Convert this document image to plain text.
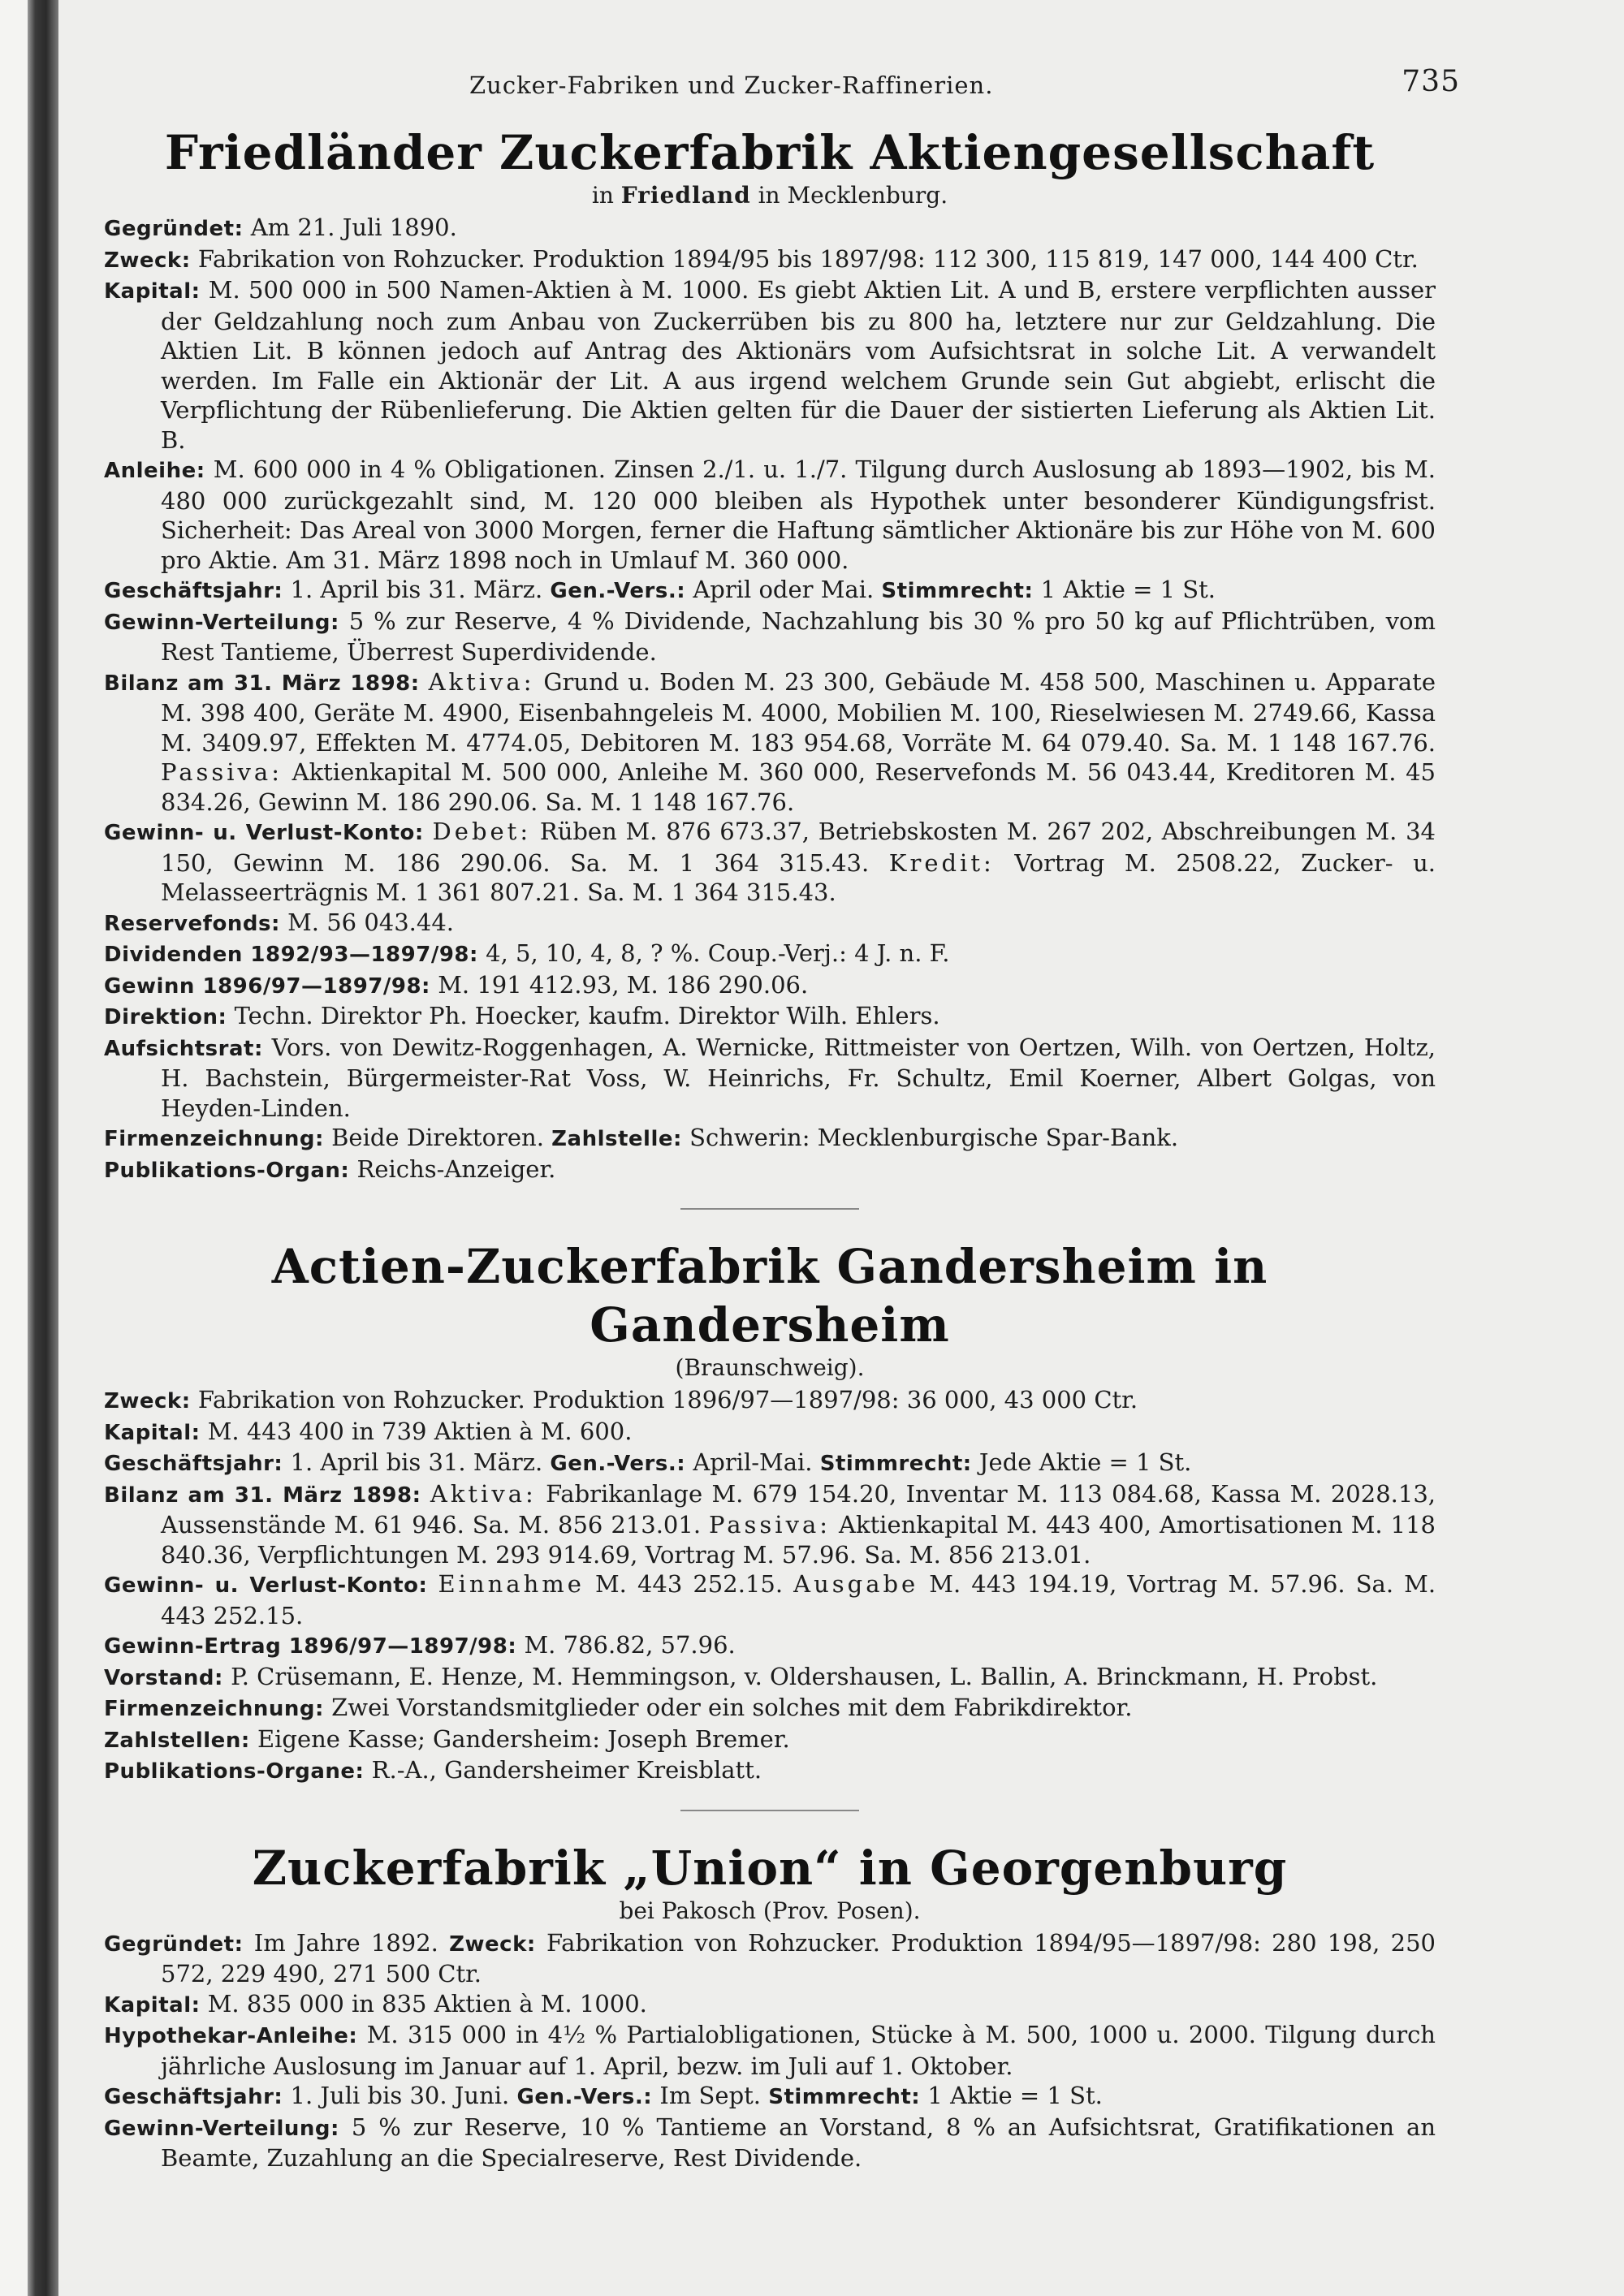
Zucker-Fabriken und Zucker-Raffinerien.	735
Friedländer Zuckerfabrik Aktiengesellschaft
in Friedland in Mecklenburg.

Gegründet: Am 21. Juli 1890.

Zweck: Fabrikation von Rohzucker. Produktion 1894/95 bis 1897/98: 112 300, 115 819, 147 000, 144 400 Ctr.

Kapital: M. 500 000 in 500 Namen-Aktien à M. 1000. Es giebt Aktien Lit. A und B, erstere verpflichten ausser der Geldzahlung noch zum Anbau von Zuckerrüben bis zu 800 ha, letztere nur zur Geldzahlung. Die Aktien Lit. B können jedoch auf Antrag des Aktionärs vom Aufsichtsrat in solche Lit. A verwandelt werden. Im Falle ein Aktionär der Lit. A aus irgend welchem Grunde sein Gut abgiebt, erlischt die Verpflichtung der Rübenlieferung. Die Aktien gelten für die Dauer der sistierten Lieferung als Aktien Lit. B.

Anleihe: M. 600 000 in 4 % Obligationen. Zinsen 2./1. u. 1./7. Tilgung durch Auslosung ab 1893—1902, bis M. 480 000 zurückgezahlt sind, M. 120 000 bleiben als Hypothek unter besonderer Kündigungsfrist. Sicherheit: Das Areal von 3000 Morgen, ferner die Haftung sämtlicher Aktionäre bis zur Höhe von M. 600 pro Aktie. Am 31. März 1898 noch in Umlauf M. 360 000.

Geschäftsjahr: 1. April bis 31. März. Gen.-Vers.: April oder Mai. Stimmrecht: 1 Aktie = 1 St.

Gewinn-Verteilung: 5 % zur Reserve, 4 % Dividende, Nachzahlung bis 30 % pro 50 kg auf Pflichtrüben, vom Rest Tantieme, Überrest Superdividende.

Bilanz am 31. März 1898: Aktiva: Grund u. Boden M. 23 300, Gebäude M. 458 500, Maschinen u. Apparate M. 398 400, Geräte M. 4900, Eisenbahngeleis M. 4000, Mobilien M. 100, Rieselwiesen M. 2749.66, Kassa M. 3409.97, Effekten M. 4774.05, Debitoren M. 183 954.68, Vorräte M. 64 079.40. Sa. M. 1 148 167.76. Passiva: Aktienkapital M. 500 000, Anleihe M. 360 000, Reservefonds M. 56 043.44, Kreditoren M. 45 834.26, Gewinn M. 186 290.06. Sa. M. 1 148 167.76.

Gewinn- u. Verlust-Konto: Debet: Rüben M. 876 673.37, Betriebskosten M. 267 202, Abschreibungen M. 34 150, Gewinn M. 186 290.06. Sa. M. 1 364 315.43. Kredit: Vortrag M. 2508.22, Zucker- u. Melasseerträgnis M. 1 361 807.21. Sa. M. 1 364 315.43.

Reservefonds: M. 56 043.44.

Dividenden 1892/93—1897/98: 4, 5, 10, 4, 8, ? %. Coup.-Verj.: 4 J. n. F.

Gewinn 1896/97—1897/98: M. 191 412.93, M. 186 290.06.

Direktion: Techn. Direktor Ph. Hoecker, kaufm. Direktor Wilh. Ehlers.

Aufsichtsrat: Vors. von Dewitz-Roggenhagen, A. Wernicke, Rittmeister von Oertzen, Wilh. von Oertzen, Holtz, H. Bachstein, Bürgermeister-Rat Voss, W. Heinrichs, Fr. Schultz, Emil Koerner, Albert Golgas, von Heyden-Linden.

Firmenzeichnung: Beide Direktoren. Zahlstelle: Schwerin: Mecklenburgische Spar-Bank.

Publikations-Organ: Reichs-Anzeiger.

Actien-Zuckerfabrik Gandersheim in Gandersheim
(Braunschweig).

Zweck: Fabrikation von Rohzucker. Produktion 1896/97—1897/98: 36 000, 43 000 Ctr.

Kapital: M. 443 400 in 739 Aktien à M. 600.

Geschäftsjahr: 1. April bis 31. März. Gen.-Vers.: April-Mai. Stimmrecht: Jede Aktie = 1 St.

Bilanz am 31. März 1898: Aktiva: Fabrikanlage M. 679 154.20, Inventar M. 113 084.68, Kassa M. 2028.13, Aussenstände M. 61 946. Sa. M. 856 213.01. Passiva: Aktienkapital M. 443 400, Amortisationen M. 118 840.36, Verpflichtungen M. 293 914.69, Vortrag M. 57.96. Sa. M. 856 213.01.

Gewinn- u. Verlust-Konto: Einnahme M. 443 252.15. Ausgabe M. 443 194.19, Vortrag M. 57.96. Sa. M. 443 252.15.

Gewinn-Ertrag 1896/97—1897/98: M. 786.82, 57.96.

Vorstand: P. Crüsemann, E. Henze, M. Hemmingson, v. Oldershausen, L. Ballin, A. Brinckmann, H. Probst.

Firmenzeichnung: Zwei Vorstandsmitglieder oder ein solches mit dem Fabrikdirektor.

Zahlstellen: Eigene Kasse; Gandersheim: Joseph Bremer.

Publikations-Organe: R.-A., Gandersheimer Kreisblatt.

Zuckerfabrik „Union“ in Georgenburg
bei Pakosch (Prov. Posen).

Gegründet: Im Jahre 1892. Zweck: Fabrikation von Rohzucker. Produktion 1894/95—1897/98: 280 198, 250 572, 229 490, 271 500 Ctr.

Kapital: M. 835 000 in 835 Aktien à M. 1000.

Hypothekar-Anleihe: M. 315 000 in 4½ % Partialobligationen, Stücke à M. 500, 1000 u. 2000. Tilgung durch jährliche Auslosung im Januar auf 1. April, bezw. im Juli auf 1. Oktober.

Geschäftsjahr: 1. Juli bis 30. Juni. Gen.-Vers.: Im Sept. Stimmrecht: 1 Aktie = 1 St.

Gewinn-Verteilung: 5 % zur Reserve, 10 % Tantieme an Vorstand, 8 % an Aufsichtsrat, Gratifikationen an Beamte, Zuzahlung an die Specialreserve, Rest Dividende.
